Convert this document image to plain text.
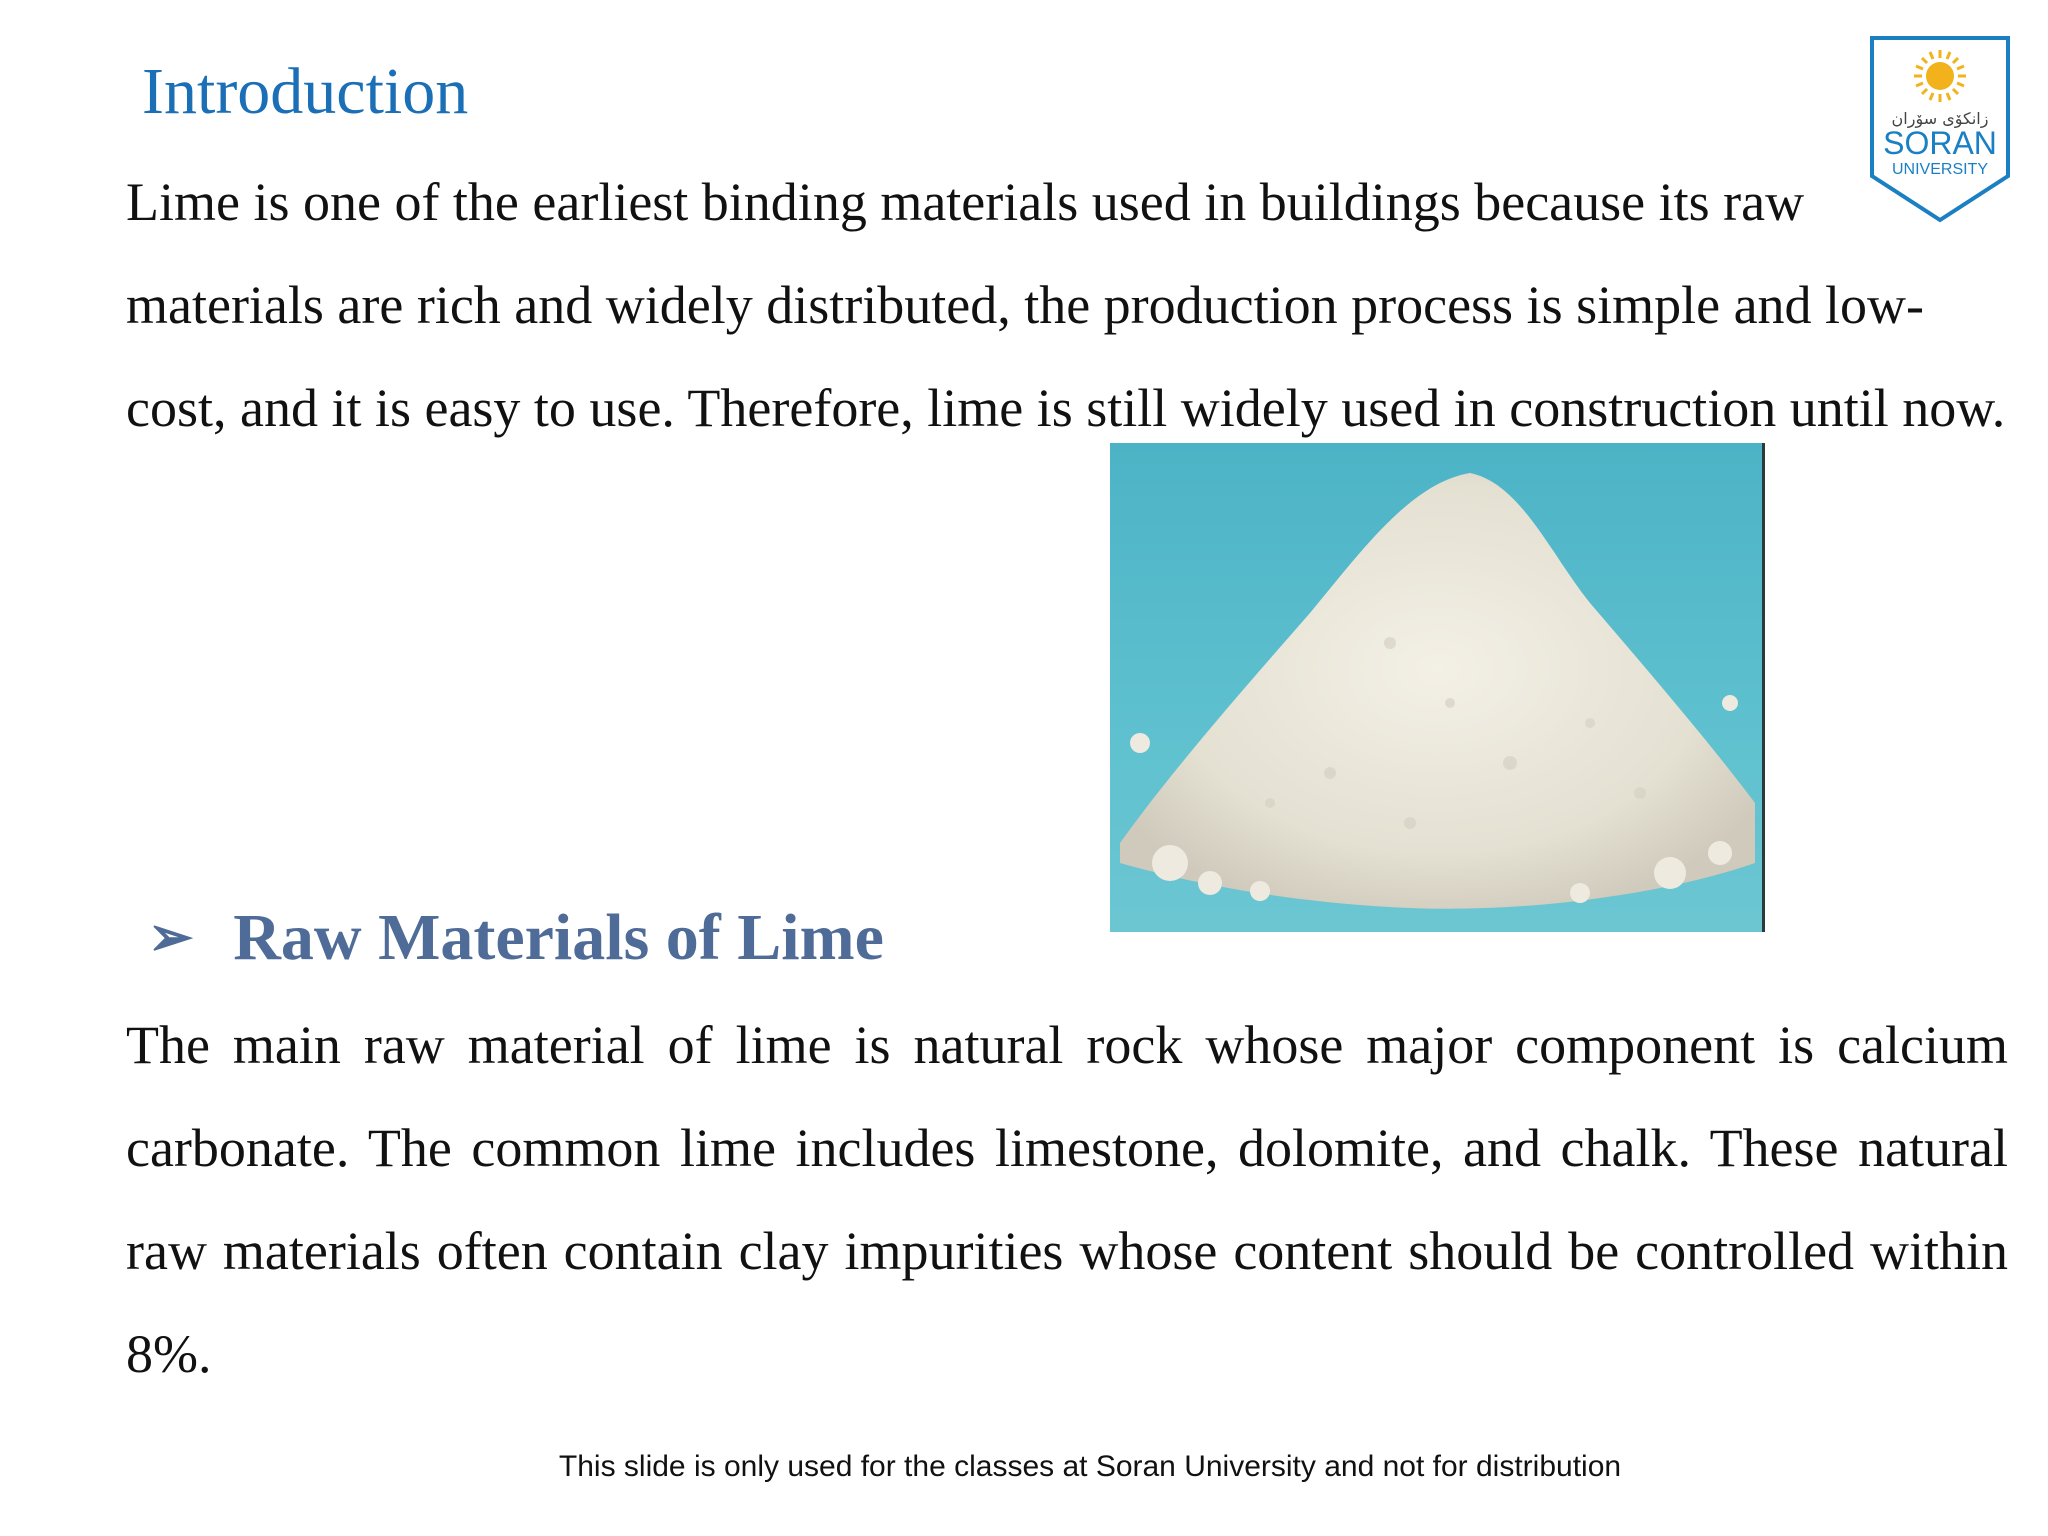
Introduction	زانكۆی سۆران
SORAN
UNIVERSITY
Lime is one of the earliest binding materials used in buildings because its raw materials are rich and widely distributed, the production process is simple and low-cost, and it is easy to use. Therefore, lime is still widely used in construction until now.
➢ Raw Materials of Lime
The main raw material of lime is natural rock whose major component is calcium carbonate. The common lime includes limestone, dolomite, and chalk. These natural raw materials often contain clay impurities whose content should be controlled within 8%.
This slide is only used for the classes at Soran University and not for distribution
